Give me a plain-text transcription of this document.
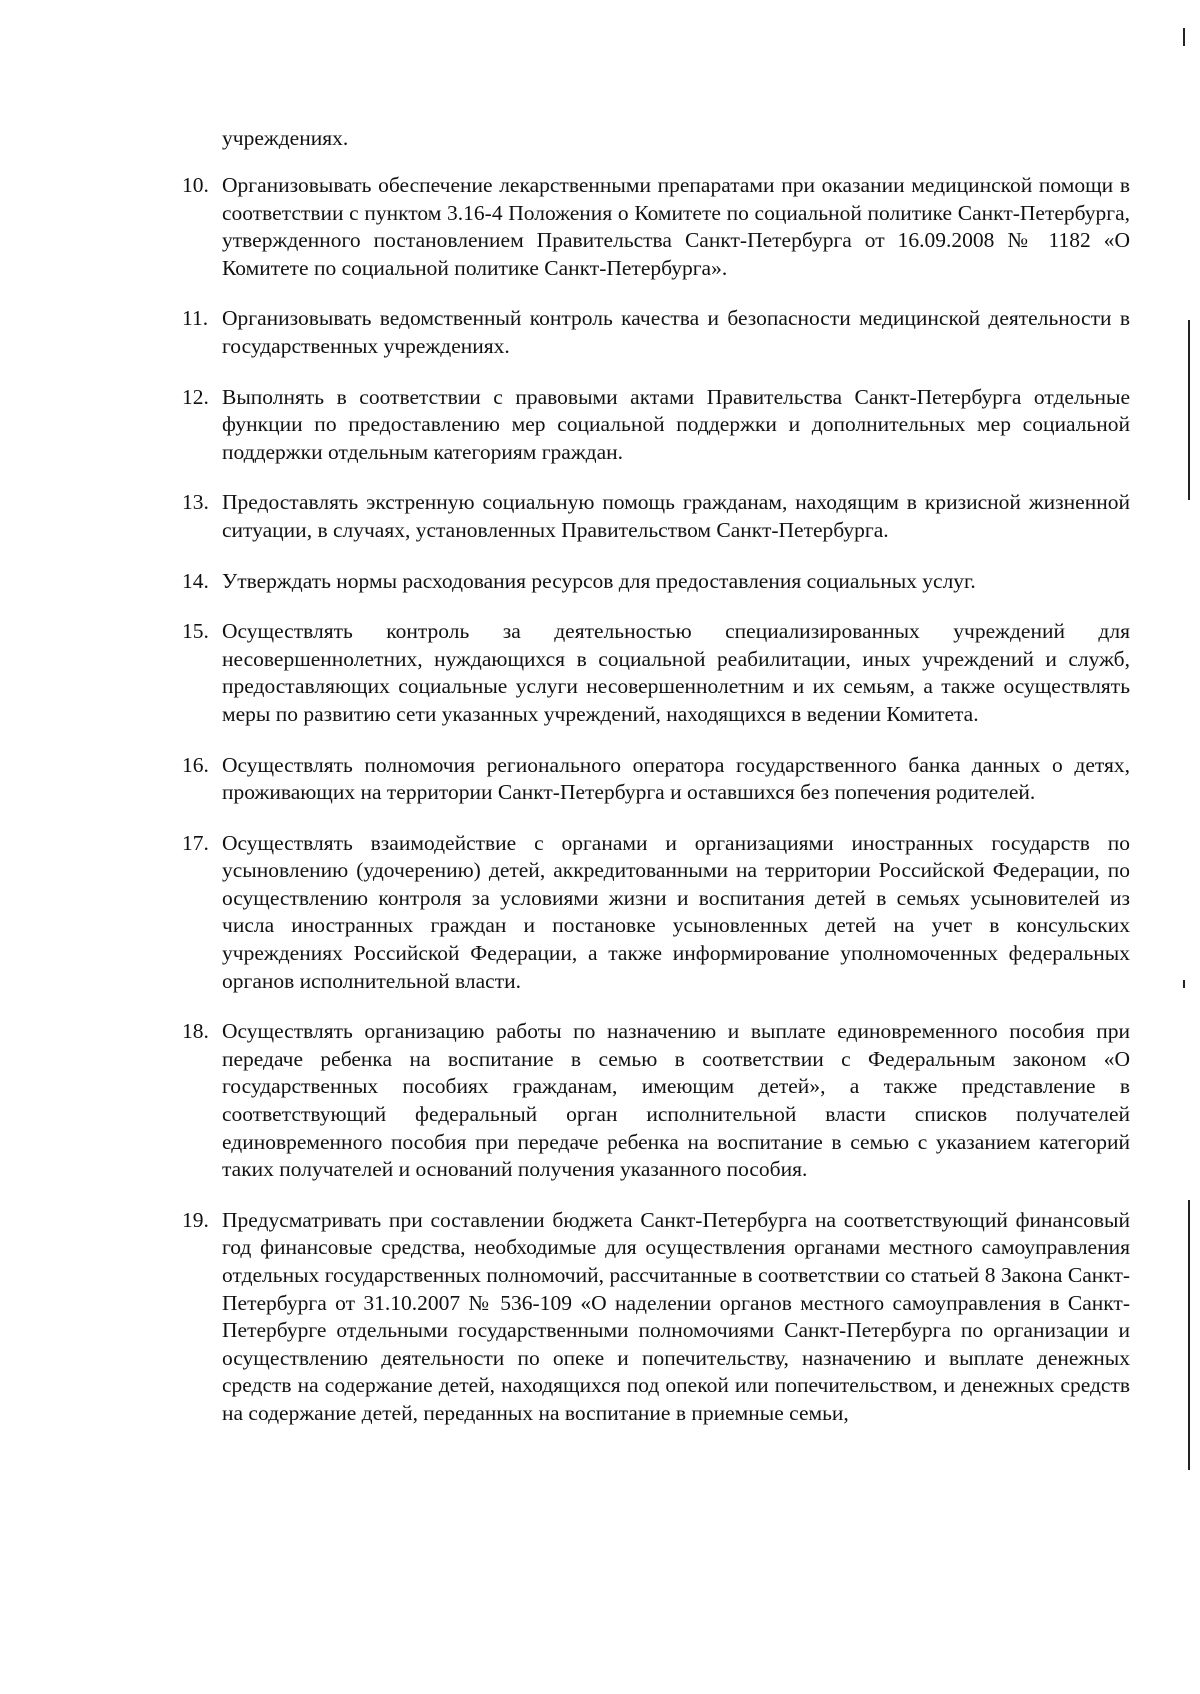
учреждениях.
10. Организовывать обеспечение лекарственными препаратами при оказании медицинской помощи в соответствии с пунктом 3.16-4 Положения о Комитете по социальной политике Санкт-Петербурга, утвержденного постановлением Правительства Санкт-Петербурга от 16.09.2008 № 1182 «О Комитете по социальной политике Санкт-Петербурга».
11. Организовывать ведомственный контроль качества и безопасности медицинской деятельности в государственных учреждениях.
12. Выполнять в соответствии с правовыми актами Правительства Санкт-Петербурга отдельные функции по предоставлению мер социальной поддержки и дополнительных мер социальной поддержки отдельным категориям граждан.
13. Предоставлять экстренную социальную помощь гражданам, находящим в кризисной жизненной ситуации, в случаях, установленных Правительством Санкт-Петербурга.
14. Утверждать нормы расходования ресурсов для предоставления социальных услуг.
15. Осуществлять контроль за деятельностью специализированных учреждений для несовершеннолетних, нуждающихся в социальной реабилитации, иных учреждений и служб, предоставляющих социальные услуги несовершеннолетним и их семьям, а также осуществлять меры по развитию сети указанных учреждений, находящихся в ведении Комитета.
16. Осуществлять полномочия регионального оператора государственного банка данных о детях, проживающих на территории Санкт-Петербурга и оставшихся без попечения родителей.
17. Осуществлять взаимодействие с органами и организациями иностранных государств по усыновлению (удочерению) детей, аккредитованными на территории Российской Федерации, по осуществлению контроля за условиями жизни и воспитания детей в семьях усыновителей из числа иностранных граждан и постановке усыновленных детей на учет в консульских учреждениях Российской Федерации, а также информирование уполномоченных федеральных органов исполнительной власти.
18. Осуществлять организацию работы по назначению и выплате единовременного пособия при передаче ребенка на воспитание в семью в соответствии с Федеральным законом «О государственных пособиях гражданам, имеющим детей», а также представление в соответствующий федеральный орган исполнительной власти списков получателей единовременного пособия при передаче ребенка на воспитание в семью с указанием категорий таких получателей и оснований получения указанного пособия.
19. Предусматривать при составлении бюджета Санкт-Петербурга на соответствующий финансовый год финансовые средства, необходимые для осуществления органами местного самоуправления отдельных государственных полномочий, рассчитанные в соответствии со статьей 8 Закона Санкт-Петербурга от 31.10.2007 № 536-109 «О наделении органов местного самоуправления в Санкт-Петербурге отдельными государственными полномочиями Санкт-Петербурга по организации и осуществлению деятельности по опеке и попечительству, назначению и выплате денежных средств на содержание детей, находящихся под опекой или попечительством, и денежных средств на содержание детей, переданных на воспитание в приемные семьи,
